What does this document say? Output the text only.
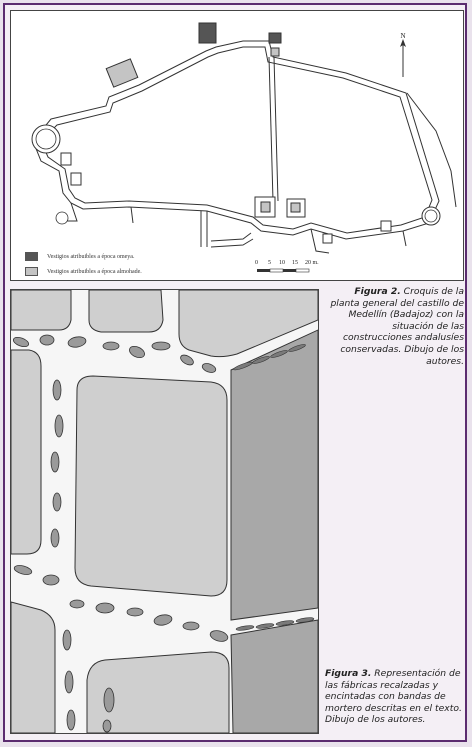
N
Vestigios atribuibles a época omeya.
Vestigios atribuibles a época almohade.
0 5 10 15 20 m.
Figura 2. Croquis de la planta general del castillo de Medellín (Badajoz) con la situación de las construcciones andalusíes conservadas. Dibujo de los autores.
Figura 3. Representación de las fábricas recalzadas y encintadas con bandas de mortero descritas en el texto. Dibujo de los autores.
